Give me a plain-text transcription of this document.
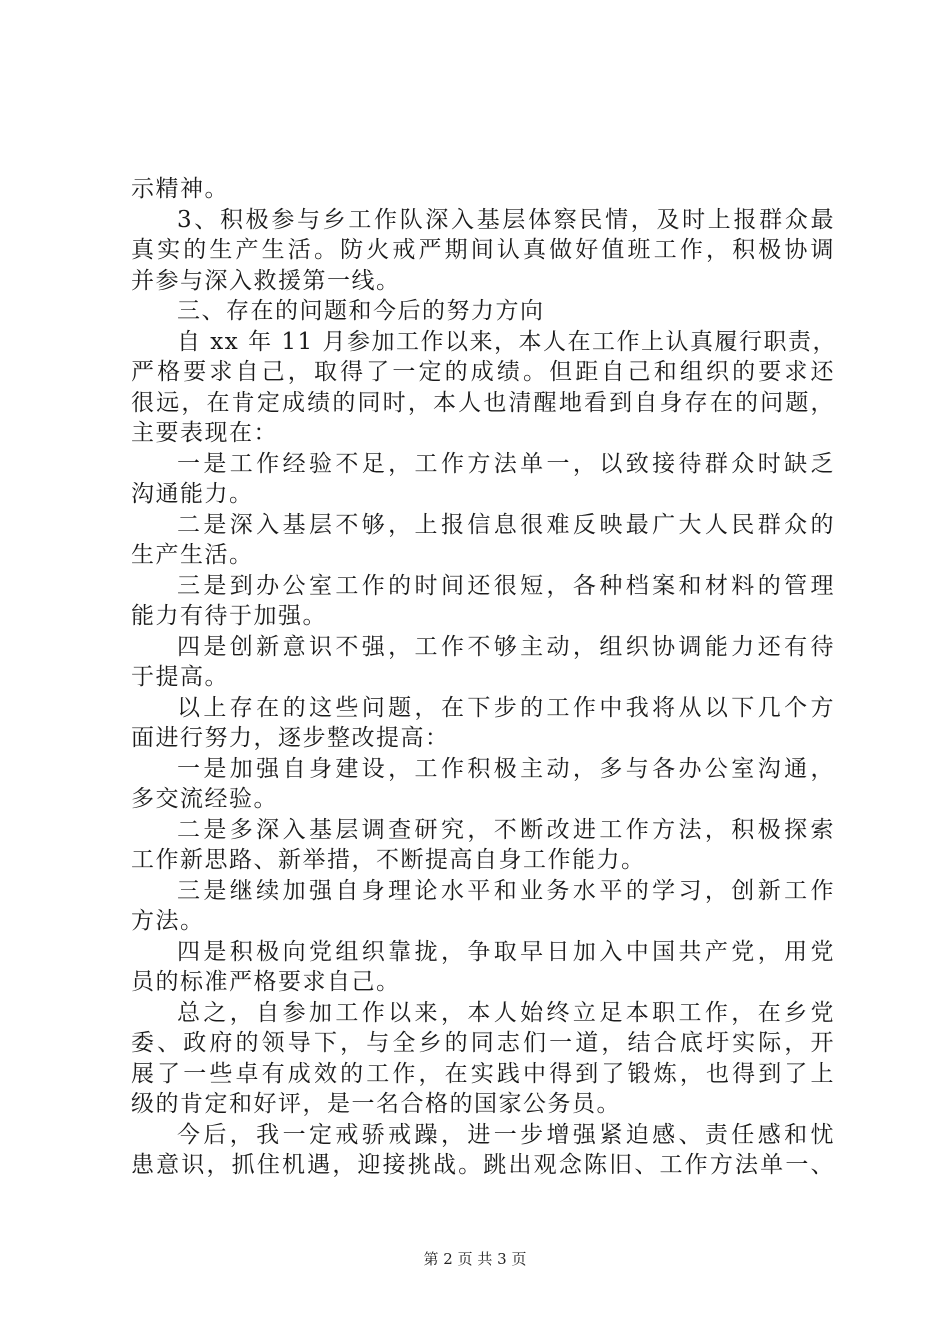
示精神。
3、积极参与乡工作队深入基层体察民情，及时上报群众最
真实的生产生活。防火戒严期间认真做好值班工作，积极协调
并参与深入救援第一线。
三、存在的问题和今后的努力方向
自 xx 年 11 月参加工作以来，本人在工作上认真履行职责，
严格要求自己，取得了一定的成绩。但距自己和组织的要求还
很远，在肯定成绩的同时，本人也清醒地看到自身存在的问题，
主要表现在：
一是工作经验不足，工作方法单一，以致接待群众时缺乏
沟通能力。
二是深入基层不够，上报信息很难反映最广大人民群众的
生产生活。
三是到办公室工作的时间还很短，各种档案和材料的管理
能力有待于加强。
四是创新意识不强，工作不够主动，组织协调能力还有待
于提高。
以上存在的这些问题，在下步的工作中我将从以下几个方
面进行努力，逐步整改提高：
一是加强自身建设，工作积极主动，多与各办公室沟通，
多交流经验。
二是多深入基层调查研究，不断改进工作方法，积极探索
工作新思路、新举措，不断提高自身工作能力。
三是继续加强自身理论水平和业务水平的学习，创新工作
方法。
四是积极向党组织靠拢，争取早日加入中国共产党，用党
员的标准严格要求自己。
总之，自参加工作以来，本人始终立足本职工作，在乡党
委、政府的领导下，与全乡的同志们一道，结合底圩实际，开
展了一些卓有成效的工作，在实践中得到了锻炼，也得到了上
级的肯定和好评，是一名合格的国家公务员。
今后，我一定戒骄戒躁，进一步增强紧迫感、责任感和忧
患意识，抓住机遇，迎接挑战。跳出观念陈旧、工作方法单一、
第 2 页 共 3 页
